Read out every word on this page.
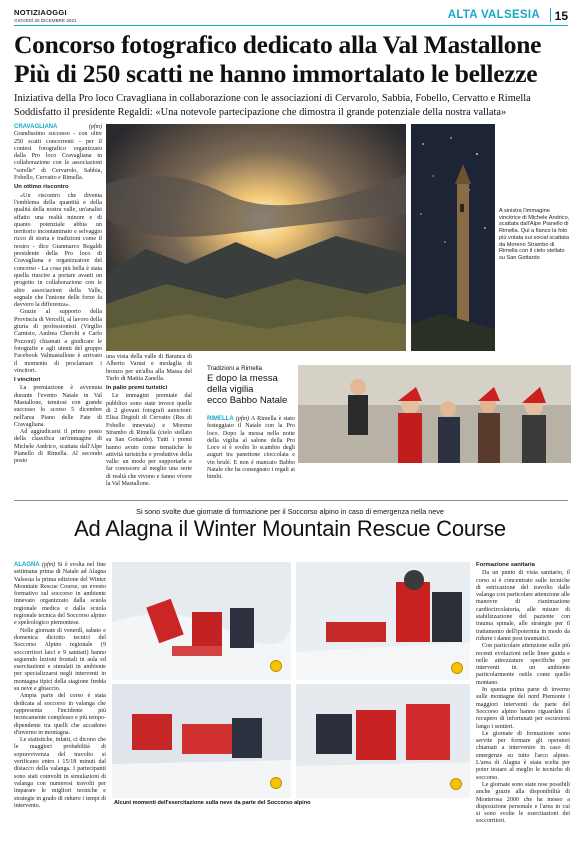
NOTIZIAOGGI
GIOVEDÌ 30 DICEMBRE 2021	ALTA VALSESIA 15
Concorso fotografico dedicato alla Val Mastallone
Più di 250 scatti ne hanno immortalato le bellezze
Iniziativa della Pro loco Cravagliana in collaborazione con le associazioni di Cervarolo, Sabbia, Fobello, Cervatto e Rimella
Soddisfatto il presidente Regaldi: «Una notevole partecipazione che dimostra il grande potenziale della nostra vallata»

CRAVAGLIANA	(pfm) Grandissimo successo - con oltre 250 scatti concorrenti - per il contest fotografico organizzato dalla Pro loco Cravagliana in collaborazione con le associazioni "sorelle" di Cervarolo, Sabbia, Fobello, Cervatto e Rimella.

Un ottimo riscontro

«Un riscontro che diventa l'emblema della quantità e della qualità della nostra valle, un'analisi affatto una realtà minore e di quanto potenziale abbia un territorio incontaminato e selvaggio ricco di storia e tradizioni come il nostro - dice Gianmarco Regaldi presidente della Pro loco di Cravagliana e organizzatore del concorso - La cosa più bella è stata quella riuscire a portare avanti un progetto in collaborazione con le altre associazioni della Valle, segnale che l'unione delle forze fa davvero la differenza».

Grazie al supporto della Provincia di Vercelli, al lavoro della giuria di professionisti (Virgilio Carnisio, Andrea Cherchi e Carlo Pozzoni) chiamati a giudicare le fotografie e agli utenti del gruppo Facebook Valmastallone è arrivato il momento di proclamare i vincitori.

I vincitori

La premiazione è avvenuta durante l'evento Natale in Val Mastallone, tenutosi con grande successo lo scorso 5 dicembre nell'area Piano delle Fate di Cravagliana.

Ad aggiudicarsi il primo posto della classifica un'immagine di Michele Andrico, scattata dall'Alpe Pianello di Rimella. Al secondo posto

A sinistra l'immagine vincitrice di Michele Andrico, scattata dall'Alpe Pianello di Rimella. Qui a fianco la foto più votata sui social scattata da Moreno Strambo di Rimella con il cielo stellato su San Gottardo

una vista della valle di Baranca di Alberto Varusi e medaglia di bronzo per un'alba alla Massa del Turlo di Mattia Zanella.

In palio premi turistici

Le immagini premiate dal pubblico sono state invece quelle di 2 giovani fotografi autoctoni: Elisa Degiuli di Cervatto (Res di Fobello innevata) e Moreno Strambo di Rimella (cielo stellato su San Gottardo). Tutti i premi hanno avuto come tematiche le attività turistiche e produttive della valle: un modo per supportarle e far conoscere al meglio una serie di realtà che vivono e fanno vivere la Val Mastallone.

Tradizioni a Rimella
E dopo la messa
della vigilia
ecco Babbo Natale

RIMELLA (pfm) A Rimella è stato festeggiato il Natale con la Pro loco. Dopo la messa nella notte della vigilia al salone della Pro Loco si è svolto lo scambio degli auguri tra panettone cioccolata e vin brulè. E non è mancato Babbo Natale che ha consegnato i regali ai bimbi.

Si sono svolte due giornate di formazione per il Soccorso alpino in caso di emergenza nella neve
Ad Alagna il Winter Mountain Rescue Course

ALAGNA (pfm) Si è svolta nel fine settimana prima di Natale ad Alagna Valsesia la prima edizione del Winter Mountain Rescue Course, un evento formativo sul soccorso in ambiente innevato organizzato dalla scuola regionale medica e dalla scuola regionale tecnica del Soccorso alpino e speleologico piemontese.

Nelle giornate di venerdì, sabato e domenica diciotto tecnici del Soccorso Alpino regionale (9 soccorritori laici e 9 sanitari) hanno seguendo lezioni frontali in aula ed esercitazioni e simulati in ambiente per specializzarsi negli interventi in montagna tipici della stagione fredda su neve e ghiaccio.

Ampia parte del corso è stata dedicata al soccorso in valanga che rappresenta l'incidente più tecnicamente complesso e più tempo-dipendente tra quelli che accadono d'inverno in montagna.

Le statistiche, infatti, ci dicono che le maggiori probabilità di sopravvivenza del travolto si verificano entro i 15/18 minuti dal distacco della valanga. I partecipanti sono stati coinvolti in simulazioni di valanga con numerosi travolti per imparare le migliori tecniche e strategie in grado di ridurre i tempi di intervento.	Alcuni momenti dell'esercitazione sulla neve da parte del Soccorso alpino
Formazione sanitaria

Da un punto di vista sanitario, il corso si è concentrato sulle tecniche di estricazione del travolto dalle valanga con particolare attenzione alle manovre di rianimazione cardiocircolatoria, alle misure di stabilizzazione del paziente con trauma spinale, alle strategie per il trattamento dell'ipotermia in modo da ridurre i danni post traumatici.

Con particolare attenzione sulle più recenti evoluzioni nelle linee guida e nelle attrezzature specifiche per interventi in un ambiente particolarmente ostile come quello montano.

In questa prima parte di inverno sulle montagne del nord Piemonte i maggiori interventi da parte del Soccorso alpino hanno riguardato il recupero di infortunati per escursioni lungo i sentieri.

Le giornate di formazione sono servite per formare gli operatori chiamati a intervenire in caso di emergenze su tutto l'arco alpino. L'area di Alagna è stata scelta per poter testare al meglio le tecniche di soccorso.

Le giornate sono state rese possibili anche grazie alla disponibilità di Monterosa 2000 che ha messo a disposizione personale e l'area in cui si sono svolte le esercitazioni dei soccorritori.
